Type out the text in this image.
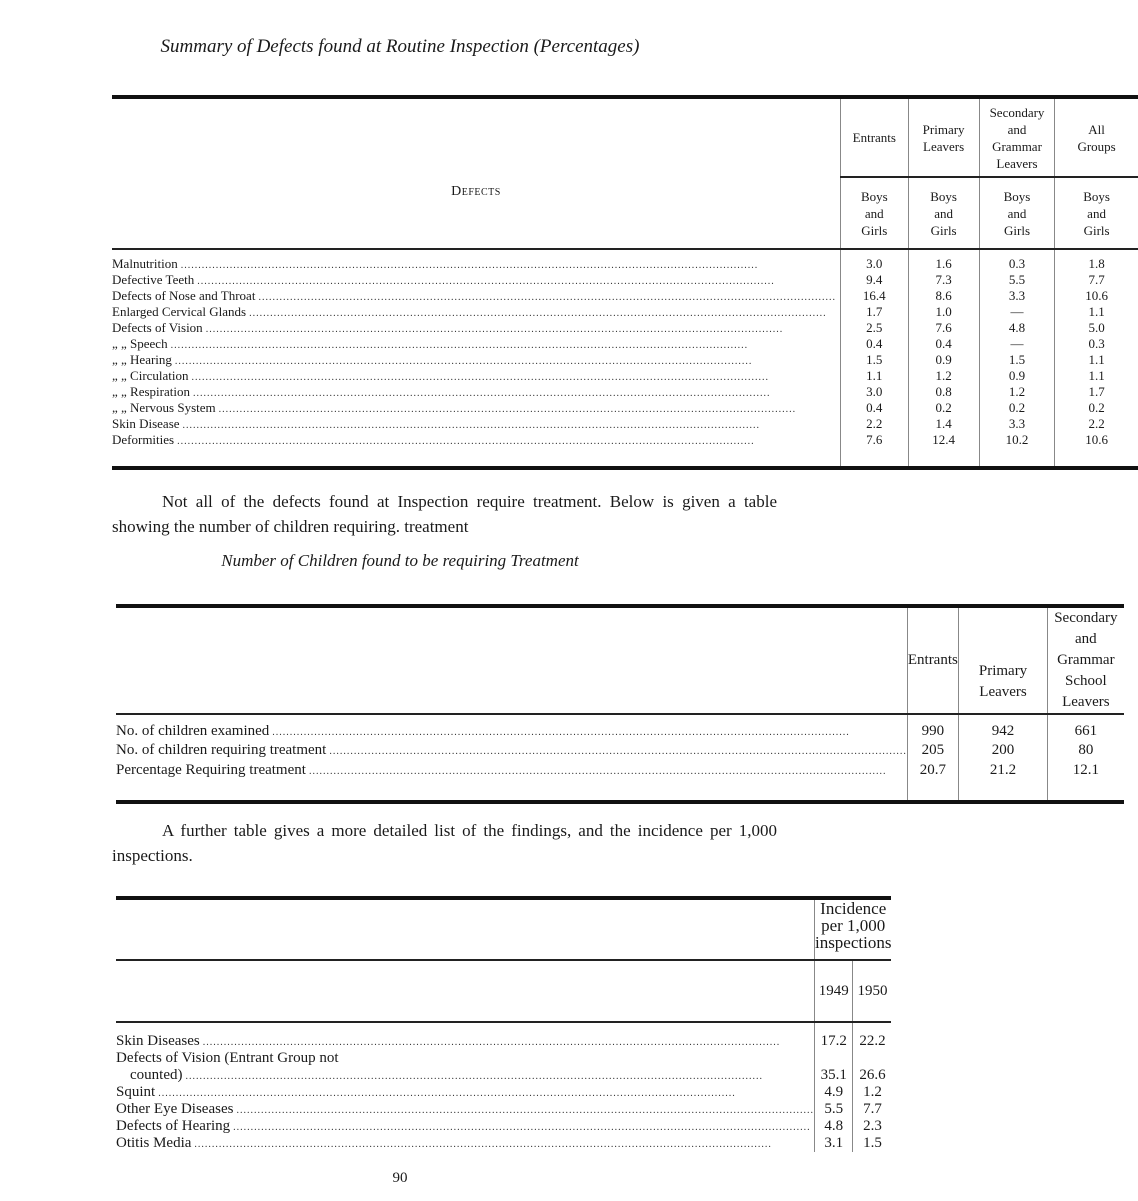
Summary of Defects found at Routine Inspection (Percentages)
Defects	Entrants	Primary Leavers	Secondary and Grammar Leavers	All Groups
	Boys and Girls	Boys and Girls	Boys and Girls	Boys and Girls

Malnutrition
.....	3.0	1.6	0.3	1.8

Defective Teeth
.....	9.4	7.3	5.5	7.7

Defects of Nose and Throat
.....	16.4	8.6	3.3	10.6

Enlarged Cervical Glands
.....	1.7	1.0	—	1.1

Defects of Vision
.....	2.5	7.6	4.8	5.0

„ „ Speech
.....	0.4	0.4	—	0.3

„ „ Hearing
.....	1.5	0.9	1.5	1.1

„ „ Circulation
.....	1.1	1.2	0.9	1.1

„ „ Respiration
.....	3.0	0.8	1.2	1.7

„ „ Nervous System
.....	0.4	0.2	0.2	0.2

Skin Disease
.....	2.2	1.4	3.3	2.2

Deformities
.....	7.6	12.4	10.2	10.6

Not all of the defects found at Inspection require treatment. Below is given a table showing the number of children requiring. treatment
Number of Children found to be requiring Treatment
	Entrants	Primary Leavers	Secondary and Grammar School Leavers

No. of children examined
.....	990	942	661

No. of children requiring treatment
.....	205	200	80

Percentage Requiring treatment
.....	20.7	21.2	12.1

A further table gives a more detailed list of the findings, and the incidence per 1,000 inspections.
	Incidence per 1,000 inspections	
	1949	1950

Skin Diseases
.....	17.2	22.2

Defects of Vision (Entrant Group not
counted)
.....	35.1	26.6

Squint
.....	4.9	1.2

Other Eye Diseases
.....	5.5	7.7

Defects of Hearing
.....	4.8	2.3

Otitis Media
.....	3.1	1.5
90
